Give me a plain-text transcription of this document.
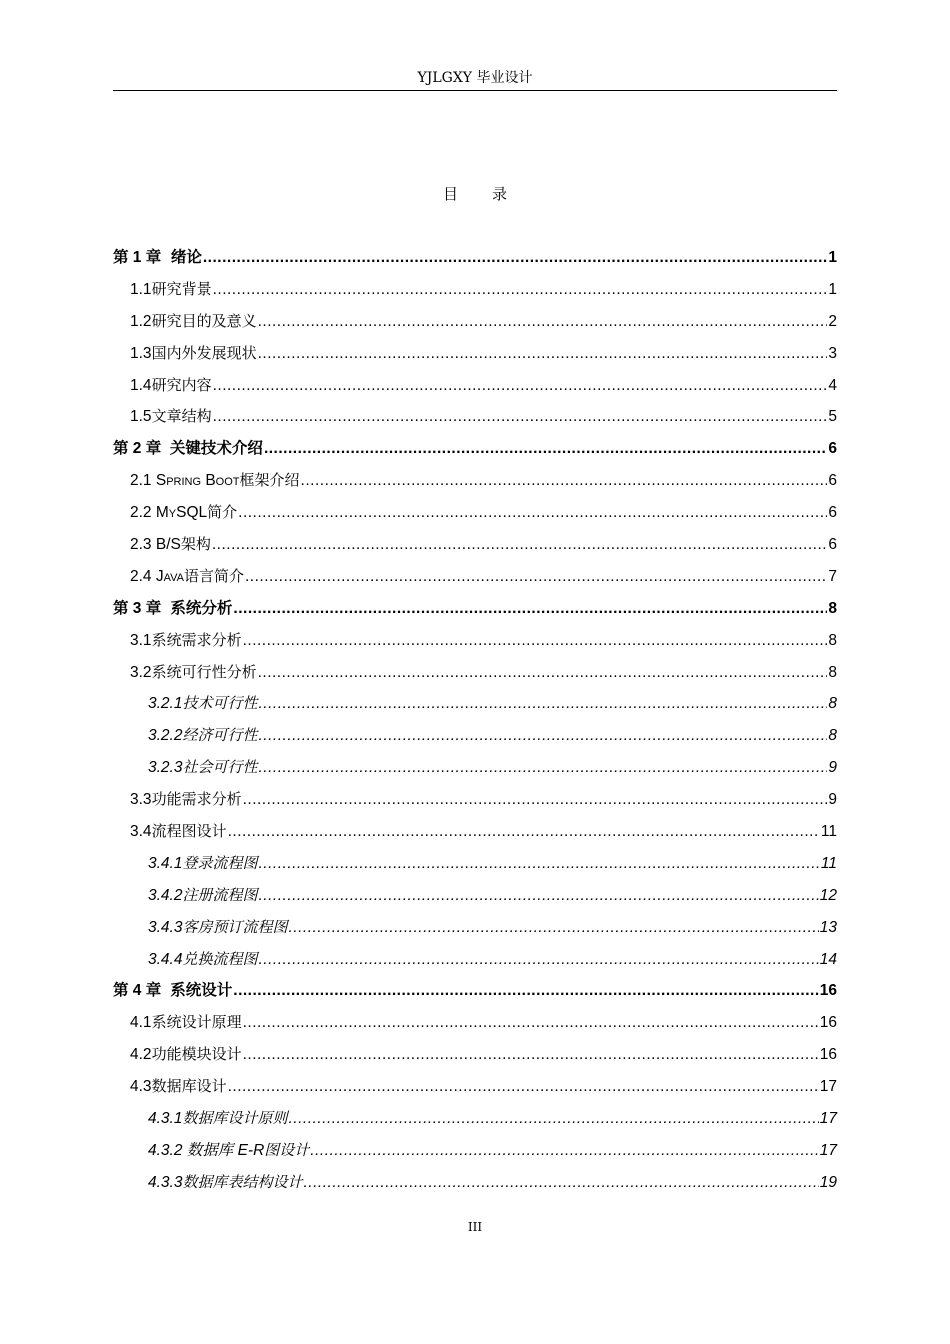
YJLGXY 毕业设计
目 录
第 1 章 绪论 .....	1
1.1 研究背景 .....	1
1.2 研究目的及意义 .....	2
1.3 国内外发展现状 .....	3
1.4 研究内容 .....	4
1.5 文章结构 .....	5
第 2 章 关键技术介绍 .....	6
2.1 Spring Boot 框架介绍 .....	6
2.2 MySQL 简介 .....	6
2.3 B/S 架构 .....	6
2.4 Java 语言简介 .....	7
第 3 章 系统分析 .....	8
3.1 系统需求分析 .....	8
3.2 系统可行性分析 .....	8
3.2.1 技术可行性 .....	8
3.2.2 经济可行性 .....	8
3.2.3 社会可行性 .....	9
3.3 功能需求分析 .....	9
3.4 流程图设计 .....	11
3.4.1 登录流程图 .....	11
3.4.2 注册流程图 .....	12
3.4.3 客房预订流程图 .....	13
3.4.4 兑换流程图 .....	14
第 4 章 系统设计 .....	16
4.1 系统设计原理 .....	16
4.2 功能模块设计 .....	16
4.3 数据库设计 .....	17
4.3.1 数据库设计原则 .....	17
4.3.2 数据库 E-R 图设计 .....	17
4.3.3 数据库表结构设计 .....	19
III
